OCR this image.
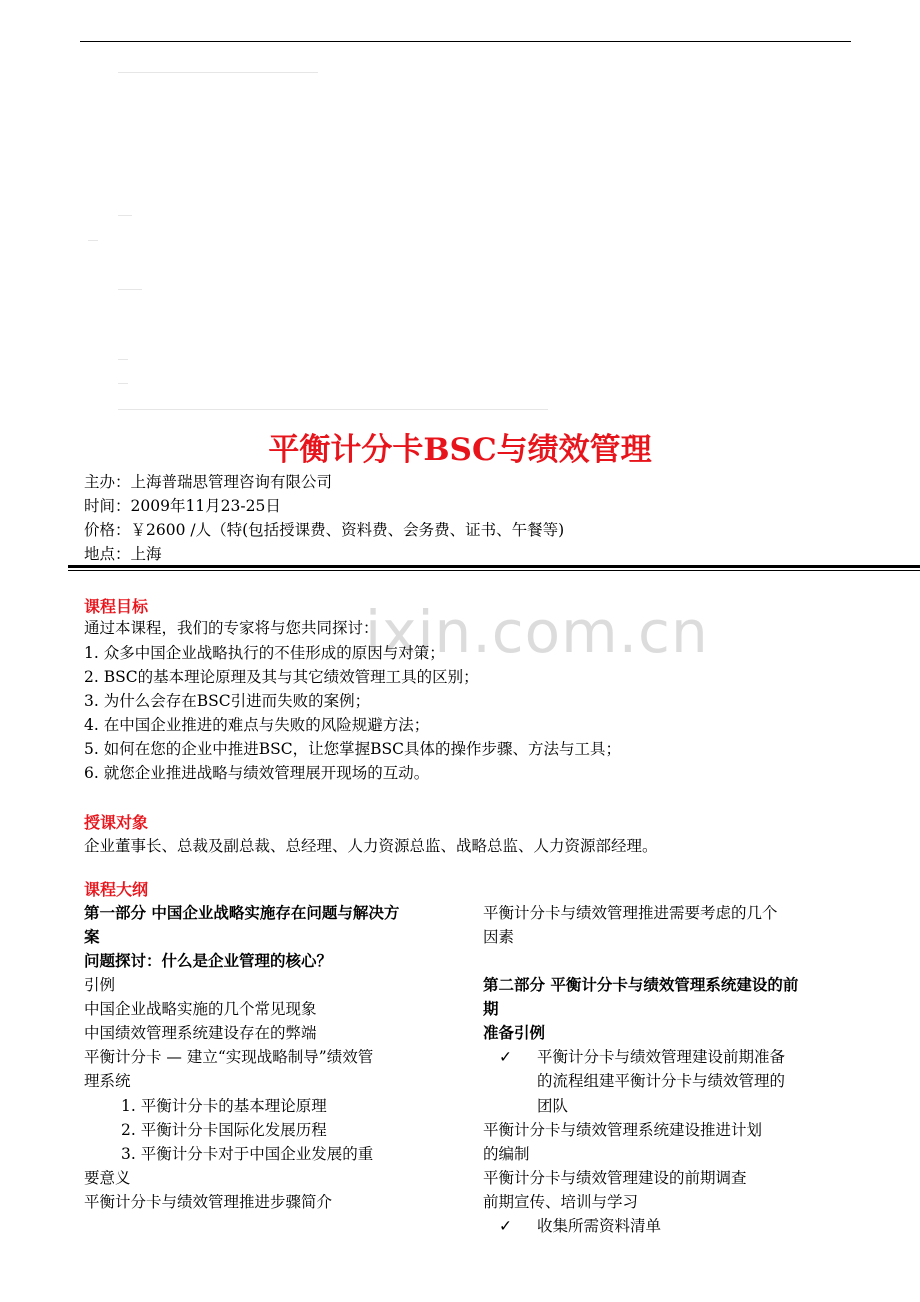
平衡计分卡BSC与绩效管理
主办：上海普瑞思管理咨询有限公司
时间：2009年11月23-25日
价格：￥2600 /人（特(包括授课费、资料费、会务费、证书、午餐等)
地点：上海
ixin.com.cn
课程目标
通过本课程，我们的专家将与您共同探讨：
1. 众多中国企业战略执行的不佳形成的原因与对策；
2. BSC的基本理论原理及其与其它绩效管理工具的区别；
3. 为什么会存在BSC引进而失败的案例；
4. 在中国企业推进的难点与失败的风险规避方法；
5. 如何在您的企业中推进BSC，让您掌握BSC具体的操作步骤、方法与工具；
6. 就您企业推进战略与绩效管理展开现场的互动。
授课对象
企业董事长、总裁及副总裁、总经理、人力资源总监、战略总监、人力资源部经理。
课程大纲
第一部分 中国企业战略实施存在问题与解决方
案
问题探讨：什么是企业管理的核心？
引例
中国企业战略实施的几个常见现象
中国绩效管理系统建设存在的弊端
平衡计分卡 — 建立“实现战略制导”绩效管
理系统
1. 平衡计分卡的基本理论原理
2. 平衡计分卡国际化发展历程
3. 平衡计分卡对于中国企业发展的重
要意义
平衡计分卡与绩效管理推进步骤简介
平衡计分卡与绩效管理推进需要考虑的几个
因素
第二部分 平衡计分卡与绩效管理系统建设的前
期
准备引例
✓ 平衡计分卡与绩效管理建设前期准备
的流程组建平衡计分卡与绩效管理的
团队
平衡计分卡与绩效管理系统建设推进计划
的编制
平衡计分卡与绩效管理建设的前期调查
前期宣传、培训与学习
✓ 收集所需资料清单
